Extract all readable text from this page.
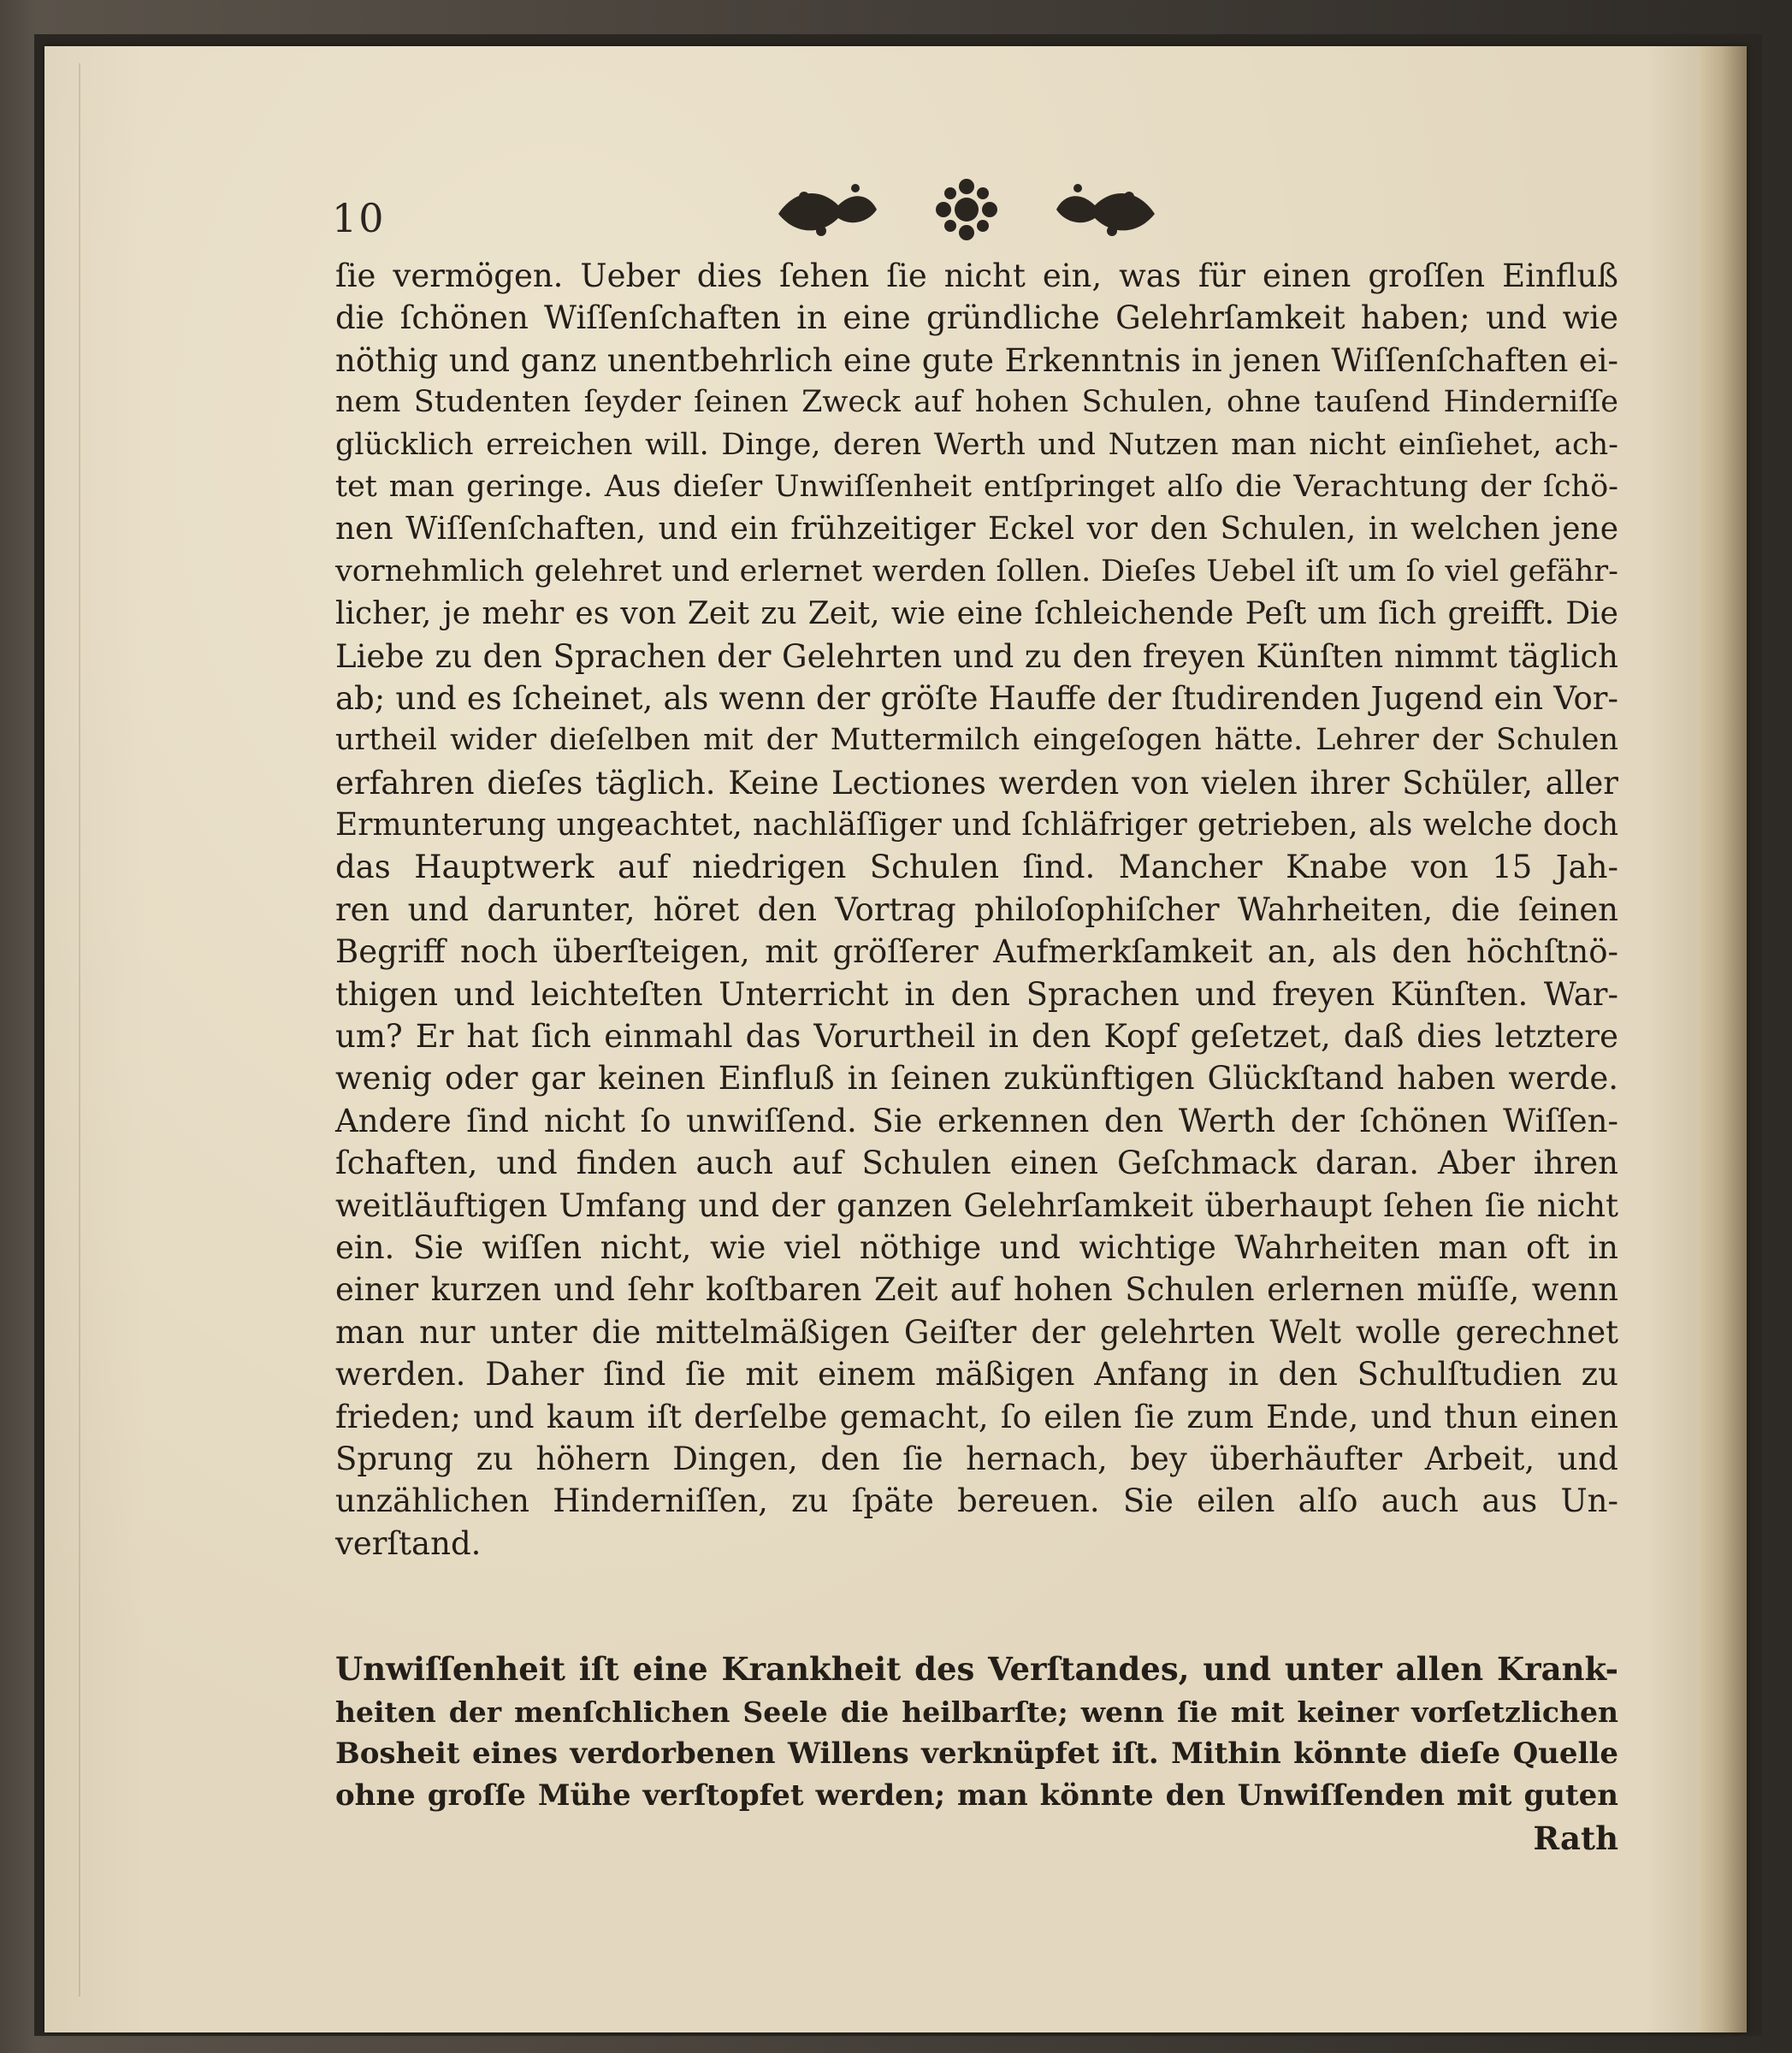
10
ſie vermögen. Ueber dies ſehen ſie nicht ein, was für einen groſſen Einfluß
die ſchönen Wiſſenſchaften in eine gründliche Gelehrſamkeit haben; und wie
nöthig und ganz unentbehrlich eine gute Erkenntnis in jenen Wiſſenſchaften ei-
nem Studenten ſeyder ſeinen Zweck auf hohen Schulen, ohne tauſend Hinderniſſe
glücklich erreichen will. Dinge, deren Werth und Nutzen man nicht einſiehet, ach-
tet man geringe. Aus dieſer Unwiſſenheit entſpringet alſo die Verachtung der ſchö-
nen Wiſſenſchaften, und ein frühzeitiger Eckel vor den Schulen, in welchen jene
vornehmlich gelehret und erlernet werden ſollen. Dieſes Uebel iſt um ſo viel gefähr-
licher, je mehr es von Zeit zu Zeit, wie eine ſchleichende Peſt um ſich greifft. Die
Liebe zu den Sprachen der Gelehrten und zu den freyen Künſten nimmt täglich
ab; und es ſcheinet, als wenn der gröſte Hauffe der ſtudirenden Jugend ein Vor-
urtheil wider dieſelben mit der Muttermilch eingeſogen hätte. Lehrer der Schulen
erfahren dieſes täglich. Keine Lectiones werden von vielen ihrer Schüler, aller
Ermunterung ungeachtet, nachläſſiger und ſchläfriger getrieben, als welche doch
das Hauptwerk auf niedrigen Schulen ſind. Mancher Knabe von 15 Jah-
ren und darunter, höret den Vortrag philoſophiſcher Wahrheiten, die ſeinen
Begriff noch überſteigen, mit gröſſerer Aufmerkſamkeit an, als den höchſtnö-
thigen und leichteſten Unterricht in den Sprachen und freyen Künſten. War-
um? Er hat ſich einmahl das Vorurtheil in den Kopf geſetzet, daß dies letztere
wenig oder gar keinen Einfluß in ſeinen zukünftigen Glückſtand haben werde.
Andere ſind nicht ſo unwiſſend. Sie erkennen den Werth der ſchönen Wiſſen-
ſchaften, und finden auch auf Schulen einen Geſchmack daran. Aber ihren
weitläuftigen Umfang und der ganzen Gelehrſamkeit überhaupt ſehen ſie nicht
ein. Sie wiſſen nicht, wie viel nöthige und wichtige Wahrheiten man oft in
einer kurzen und ſehr koſtbaren Zeit auf hohen Schulen erlernen müſſe, wenn
man nur unter die mittelmäßigen Geiſter der gelehrten Welt wolle gerechnet
werden. Daher ſind ſie mit einem mäßigen Anfang in den Schulſtudien zu
frieden; und kaum iſt derſelbe gemacht, ſo eilen ſie zum Ende, und thun einen
Sprung zu höhern Dingen, den ſie hernach, bey überhäufter Arbeit, und
unzählichen Hinderniſſen, zu ſpäte bereuen. Sie eilen alſo auch aus Un-
verſtand.
Unwiſſenheit iſt eine Krankheit des Verſtandes, und unter allen Krank-
heiten der menſchlichen Seele die heilbarſte; wenn ſie mit keiner vorſetzlichen
Bosheit eines verdorbenen Willens verknüpfet iſt. Mithin könnte dieſe Quelle
ohne groſſe Mühe verſtopfet werden; man könnte den Unwiſſenden mit guten
Rath
